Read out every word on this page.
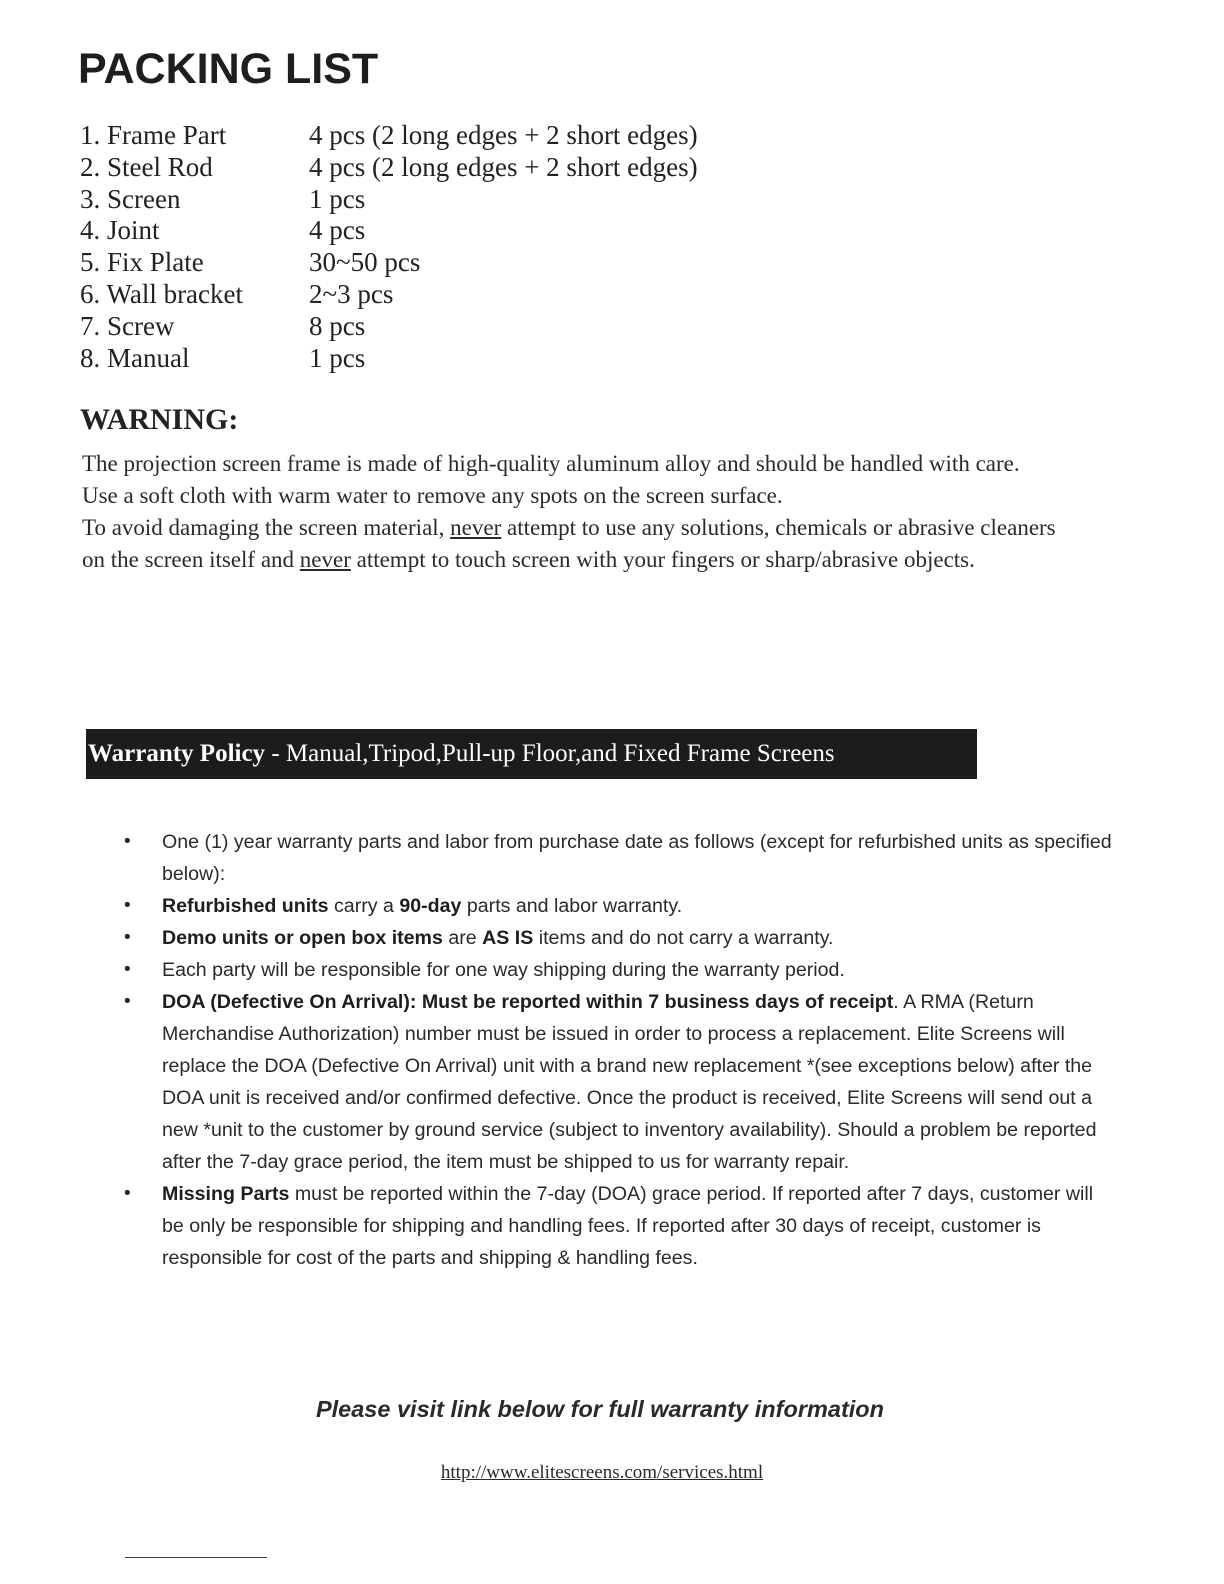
PACKING LIST
1. Frame Part	4 pcs (2 long edges + 2 short edges)
2. Steel Rod	4 pcs (2 long edges + 2 short edges)
3. Screen	1 pcs
4. Joint	4 pcs
5. Fix Plate	30~50 pcs
6. Wall bracket 2~3 pcs
7. Screw	8 pcs
8. Manual	1 pcs
WARNING:

The projection screen frame is made of high-quality aluminum alloy and should be handled with care.

Use a soft cloth with warm water to remove any spots on the screen surface.

To avoid damaging the screen material, never attempt to use any solutions, chemicals or abrasive cleaners on the screen itself and never attempt to touch screen with your fingers or sharp/abrasive objects.

Warranty Policy - Manual,Tripod,Pull-up Floor,and Fixed Frame Screens
• One (1) year warranty parts and labor from purchase date as follows (except for refurbished units as specified below):
• Refurbished units carry a 90-day parts and labor warranty.
• Demo units or open box items are AS IS items and do not carry a warranty.
• Each party will be responsible for one way shipping during the warranty period.
• DOA (Defective On Arrival): Must be reported within 7 business days of receipt. A RMA (Return Merchandise Authorization) number must be issued in order to process a replacement. Elite Screens will replace the DOA (Defective On Arrival) unit with a brand new replacement *(see exceptions below) after the DOA unit is received and/or confirmed defective. Once the product is received, Elite Screens will send out a new *unit to the customer by ground service (subject to inventory availability). Should a problem be reported after the 7-day grace period, the item must be shipped to us for warranty repair.
• Missing Parts must be reported within the 7-day (DOA) grace period. If reported after 7 days, customer will be only be responsible for shipping and handling fees. If reported after 30 days of receipt, customer is responsible for cost of the parts and shipping & handling fees.

Please visit link below for full warranty information

http://www.elitescreens.com/services.html
